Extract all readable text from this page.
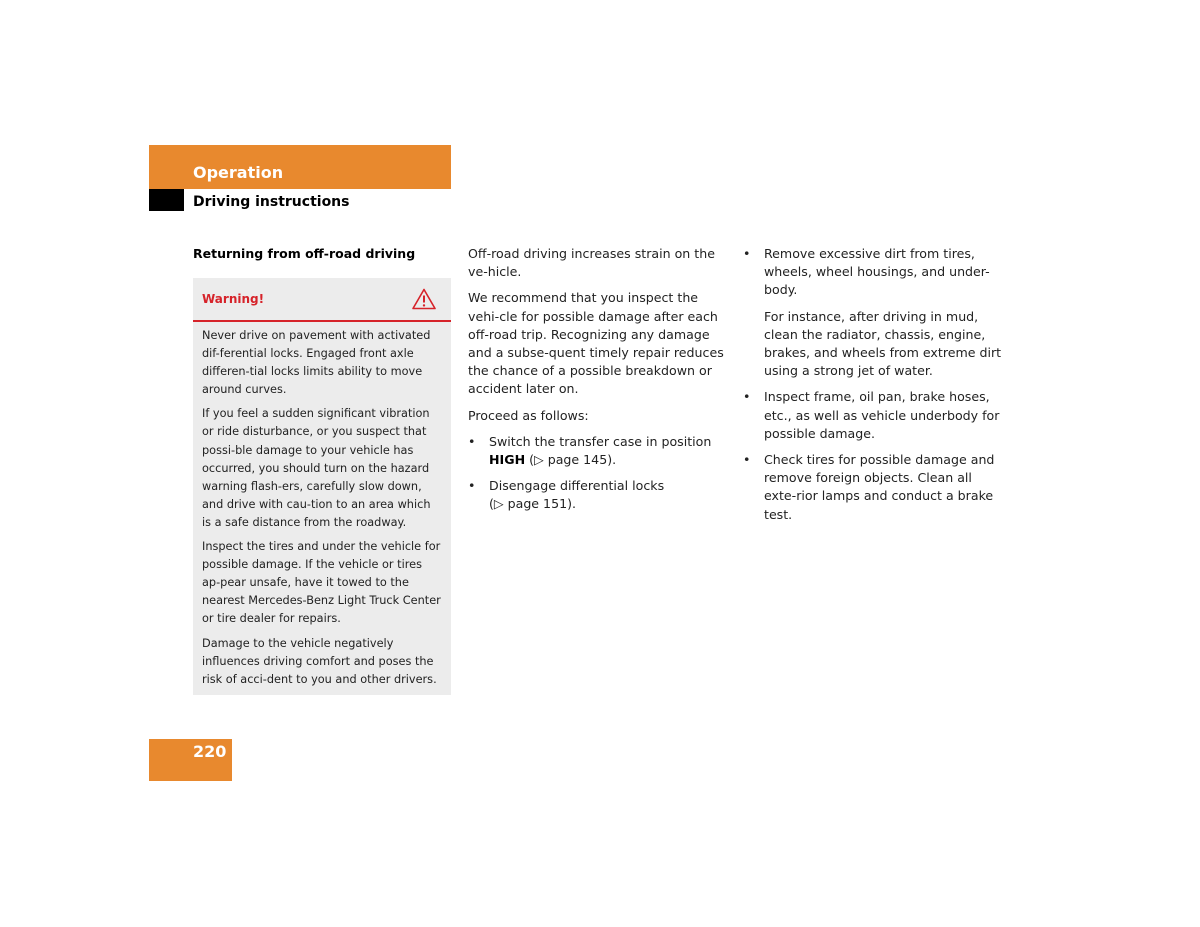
Operation
Driving instructions
Returning from off-road driving
Warning!

Never drive on pavement with activated dif-ferential locks. Engaged front axle differen-tial locks limits ability to move around curves.

If you feel a sudden significant vibration or ride disturbance, or you suspect that possi-ble damage to your vehicle has occurred, you should turn on the hazard warning flash-ers, carefully slow down, and drive with cau-tion to an area which is a safe distance from the roadway.

Inspect the tires and under the vehicle for possible damage. If the vehicle or tires ap-pear unsafe, have it towed to the nearest Mercedes-Benz Light Truck Center or tire dealer for repairs.

Damage to the vehicle negatively influences driving comfort and poses the risk of acci-dent to you and other drivers.

Off-road driving increases strain on the ve-hicle.

We recommend that you inspect the vehi-cle for possible damage after each off-road trip. Recognizing any damage and a subse-quent timely repair reduces the chance of a possible breakdown or accident later on.

Proceed as follows:

• Switch the transfer case in position
HIGH (▷ page 145).
• Disengage differential locks
(▷ page 151).
• Remove excessive dirt from tires, wheels, wheel housings, and under-body.
For instance, after driving in mud, clean the radiator, chassis, engine, brakes, and wheels from extreme dirt using a strong jet of water.
• Inspect frame, oil pan, brake hoses, etc., as well as vehicle underbody for possible damage.
• Check tires for possible damage and remove foreign objects. Clean all exte-rior lamps and conduct a brake test.
220
